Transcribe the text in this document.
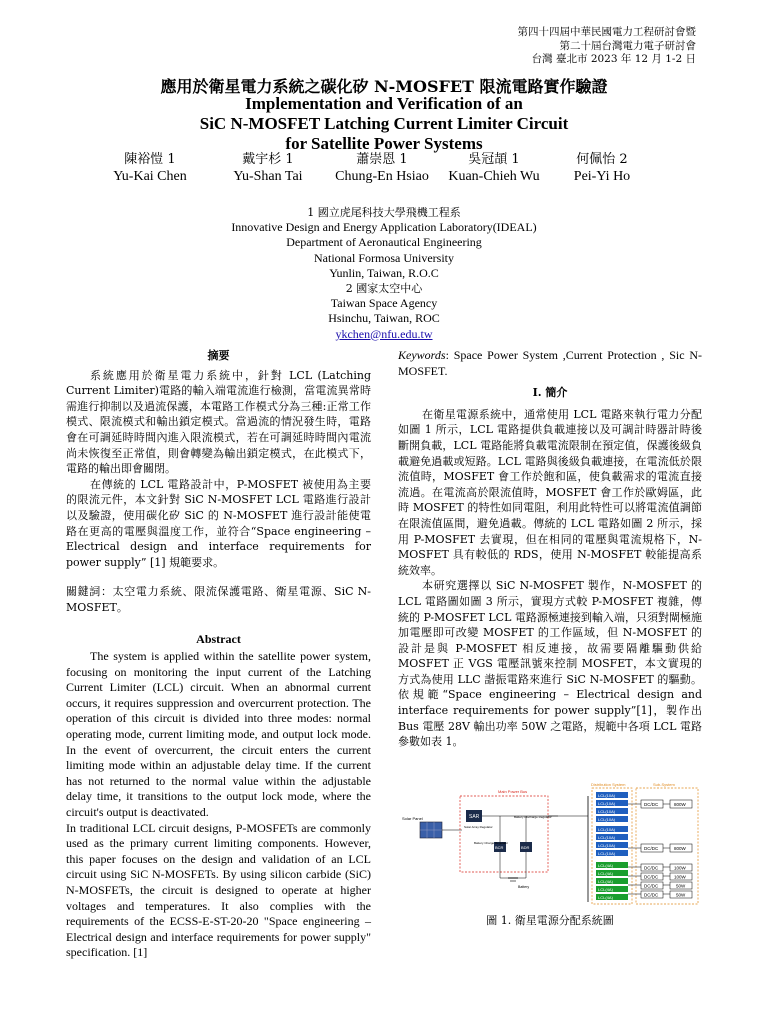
第四十四屆中華民國電力工程研討會暨
第二十屆台灣電力電子研討會
台灣 臺北市 2023 年 12 月 1-2 日
應用於衛星電力系統之碳化矽 N-MOSFET 限流電路實作驗證
Implementation and Verification of an
SiC N-MOSFET Latching Current Limiter Circuit
for Satellite Power Systems
陳裕愷 1
Yu-Kai Chen
戴宇杉 1
Yu-Shan Tai
蕭崇恩 1
Chung-En Hsiao
吳冠頡 1
Kuan-Chieh Wu
何佩怡 2
Pei-Yi Ho
1 國立虎尾科技大學飛機工程系
Innovative Design and Energy Application Laboratory(IDEAL)
Department of Aeronautical Engineering
National Formosa University
Yunlin, Taiwan, R.O.C
2 國家太空中心
Taiwan Space Agency
Hsinchu, Taiwan, ROC
ykchen@nfu.edu.tw

摘要

系統應用於衛星電力系統中，針對 LCL (Latching Current Limiter)電路的輸入端電流進行檢測，當電流異常時需進行抑制以及過流保護，本電路工作模式分為三種:正常工作模式、限流模式和輸出鎖定模式。當過流的情況發生時，電路會在可調延時時間內進入限流模式，若在可調延時時間內電流尚未恢復至正常值，則會轉變為輸出鎖定模式，在此模式下，電路的輸出即會關閉。

在傳統的 LCL 電路設計中，P-MOSFET 被使用為主要的限流元件，本文針對 SiC N-MOSFET LCL 電路進行設計以及驗證，使用碳化矽 SiC 的 N-MOSFET 進行設計能使電路在更高的電壓與溫度工作，並符合“Space engineering – Electrical design and interface requirements for power supply” [1] 規範要求。

關鍵詞：太空電力系統、限流保護電路、衛星電源、SiC N-MOSFET。

Abstract

The system is applied within the satellite power system, focusing on monitoring the input current of the Latching Current Limiter (LCL) circuit. When an abnormal current occurs, it requires suppression and overcurrent protection. The operation of this circuit is divided into three modes: normal operating mode, current limiting mode, and output lock mode. In the event of overcurrent, the circuit enters the current limiting mode within an adjustable delay time. If the current has not returned to the normal value within the adjustable delay time, it transitions to the output lock mode, where the circuit's output is deactivated.

In traditional LCL circuit designs, P-MOSFETs are commonly used as the primary current limiting components. However, this paper focuses on the design and validation of an LCL circuit using SiC N-MOSFETs. By using silicon carbide (SiC) N-MOSFETs, the circuit is designed to operate at higher voltages and temperatures. It also complies with the requirements of the ECSS-E-ST-20-20 "Space engineering – Electrical design and interface requirements for power supply" specification. [1]

Keywords: Space Power System ,Current Protection , Sic N-MOSFET.

I. 簡介

在衛星電源系統中，通常使用 LCL 電路來執行電力分配如圖 1 所示，LCL 電路提供負載連接以及可調計時器計時後斷開負載，LCL 電路能將負載電流限制在預定值，保護後級負載避免過載或短路。LCL 電路與後級負載連接，在電流低於限流值時，MOSFET 會工作於飽和區，使負載需求的電流直接流過。在電流高於限流值時，MOSFET 會工作於歐姆區，此時 MOSFET 的特性如同電阻，利用此特性可以將電流值調節在限流值區間，避免過載。傳統的 LCL 電路如圖 2 所示，採用 P-MOSFET 去實現，但在相同的電壓與電流規格下，N-MOSFET 具有較低的 RDS，使用 N-MOSFET 較能提高系統效率。

本研究選擇以 SiC N-MOSFET 製作，N-MOSFET 的 LCL 電路圖如圖 3 所示，實現方式較 P-MOSFET 複雜，傳統的 P-MOSFET LCL 電路源極連接到輸入端，只須對閘極施加電壓即可改變 MOSFET 的工作區域，但 N-MOSFET 的設計是與 P-MOSFET 相反連接，故需要隔離驅動供給 MOSFET 正 VGS 電壓訊號來控制 MOSFET，本文實現的方式為使用 LLC 諧振電路來進行 SiC N-MOSFET 的驅動。依規範“Space engineering – Electrical design and interface requirements for power supply”[1]，製作出 Bus 電壓 28V 輸出功率 50W 之電路，規範中各項 LCL 電路參數如表 1。

Solar Panel
Main Power Bus
SAR
Solar Array Regulator
BCR
Battery Charge Regulator
BDR
Battery Discharge Regulator
Battery
Distribution System	Sub-System
LCL(10A)
LCL(10A)
LCL(10A)
LCL(10A)
LCL(10A)
LCL(10A)
LCL(10A)
LCL(10A)
LCL(4A)
LCL(4A)
LCL(4A)
LCL(4A)
LCL(4A)
DC/DC	800W
DC/DC	800W
DC/DC	100W
DC/DC	100W
DC/DC	50W
DC/DC	50W
圖 1. 衛星電源分配系統圖
